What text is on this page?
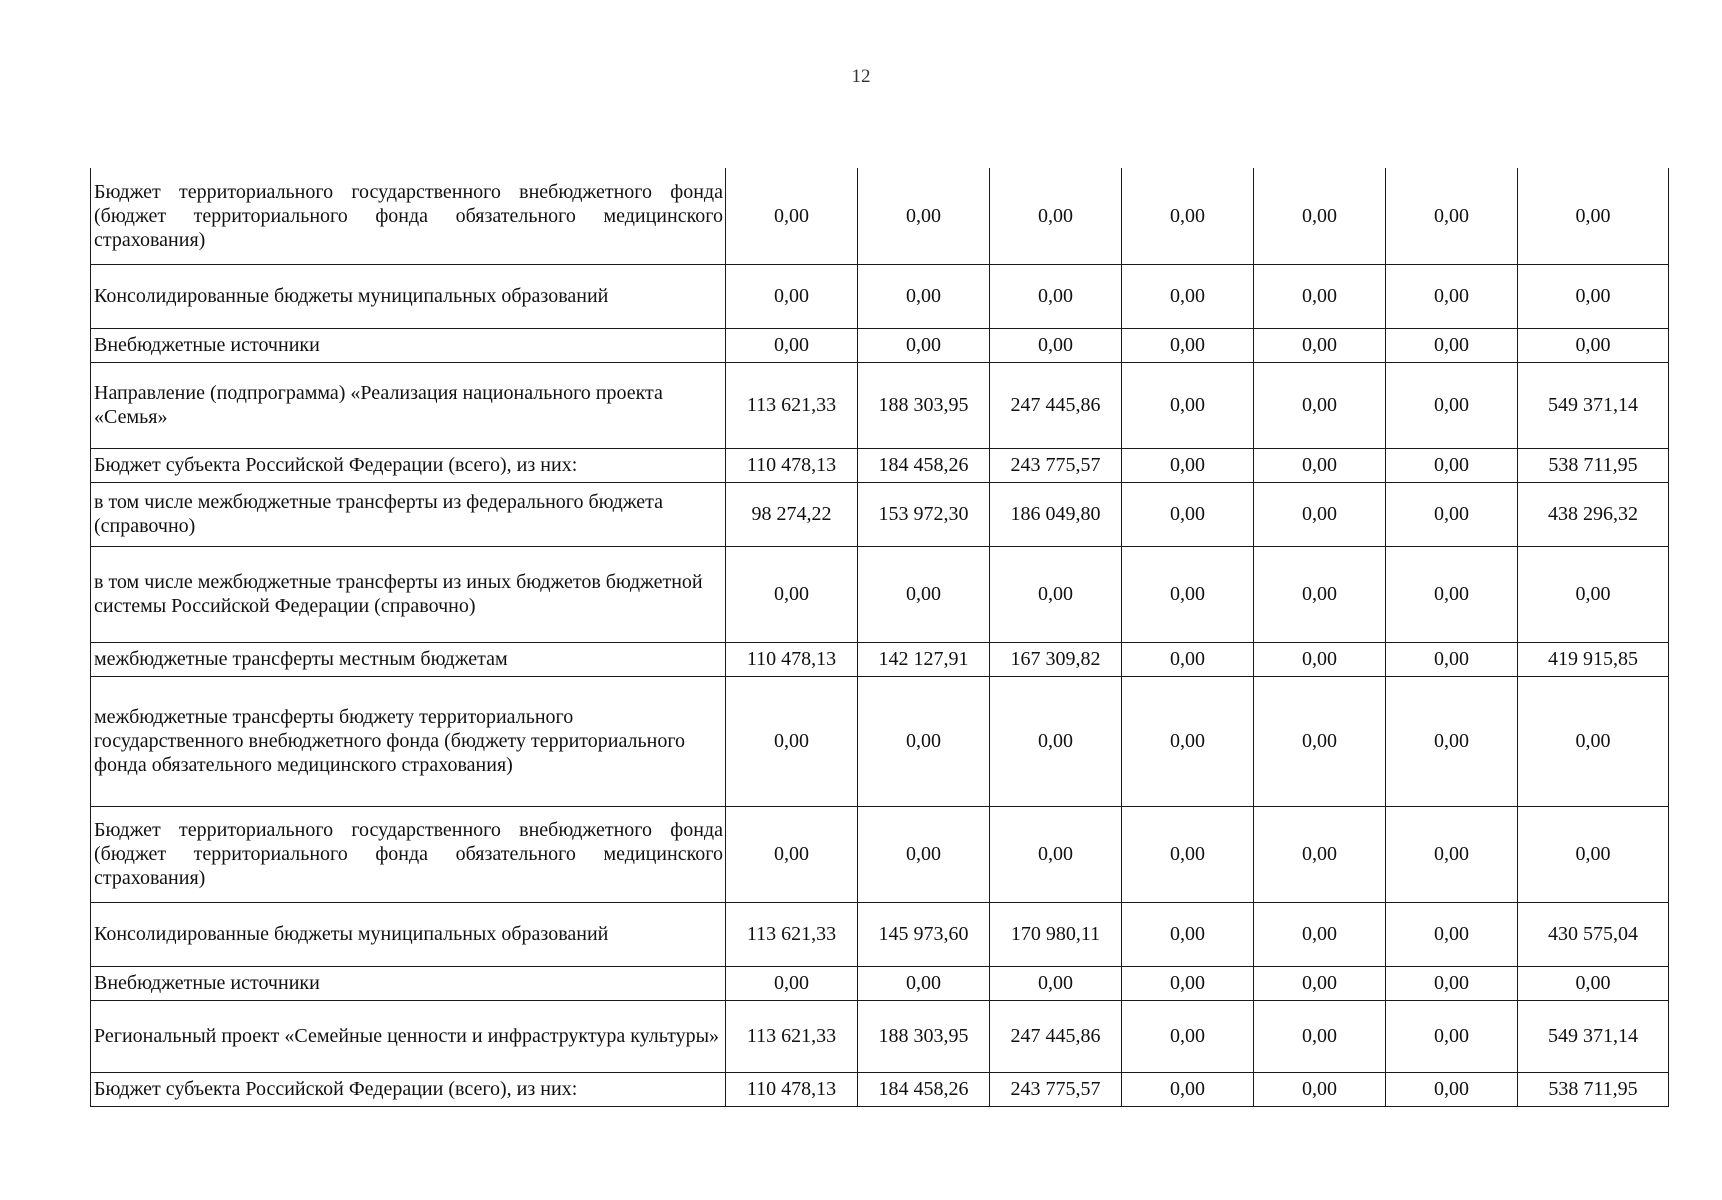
12
Бюджет территориального государственного внебюджетного фонда (бюджет территориального фонда обязательного медицинского страхования)	0,00	0,00	0,00	0,00	0,00	0,00	0,00
Консолидированные бюджеты муниципальных образований	0,00	0,00	0,00	0,00	0,00	0,00	0,00
Внебюджетные источники	0,00	0,00	0,00	0,00	0,00	0,00	0,00
Направление (подпрограмма) «Реализация национального проекта «Семья»	113 621,33	188 303,95	247 445,86	0,00	0,00	0,00	549 371,14
Бюджет субъекта Российской Федерации (всего), из них:	110 478,13	184 458,26	243 775,57	0,00	0,00	0,00	538 711,95
в том числе межбюджетные трансферты из федерального бюджета (справочно)	98 274,22	153 972,30	186 049,80	0,00	0,00	0,00	438 296,32
в том числе межбюджетные трансферты из иных бюджетов бюджетной системы Российской Федерации (справочно)	0,00	0,00	0,00	0,00	0,00	0,00	0,00
межбюджетные трансферты местным бюджетам	110 478,13	142 127,91	167 309,82	0,00	0,00	0,00	419 915,85
межбюджетные трансферты бюджету территориального государственного внебюджетного фонда (бюджету территориального фонда обязательного медицинского страхования)	0,00	0,00	0,00	0,00	0,00	0,00	0,00
Бюджет территориального государственного внебюджетного фонда (бюджет территориального фонда обязательного медицинского страхования)	0,00	0,00	0,00	0,00	0,00	0,00	0,00
Консолидированные бюджеты муниципальных образований	113 621,33	145 973,60	170 980,11	0,00	0,00	0,00	430 575,04
Внебюджетные источники	0,00	0,00	0,00	0,00	0,00	0,00	0,00
Региональный проект «Семейные ценности и инфраструктура культуры»	113 621,33	188 303,95	247 445,86	0,00	0,00	0,00	549 371,14
Бюджет субъекта Российской Федерации (всего), из них:	110 478,13	184 458,26	243 775,57	0,00	0,00	0,00	538 711,95
